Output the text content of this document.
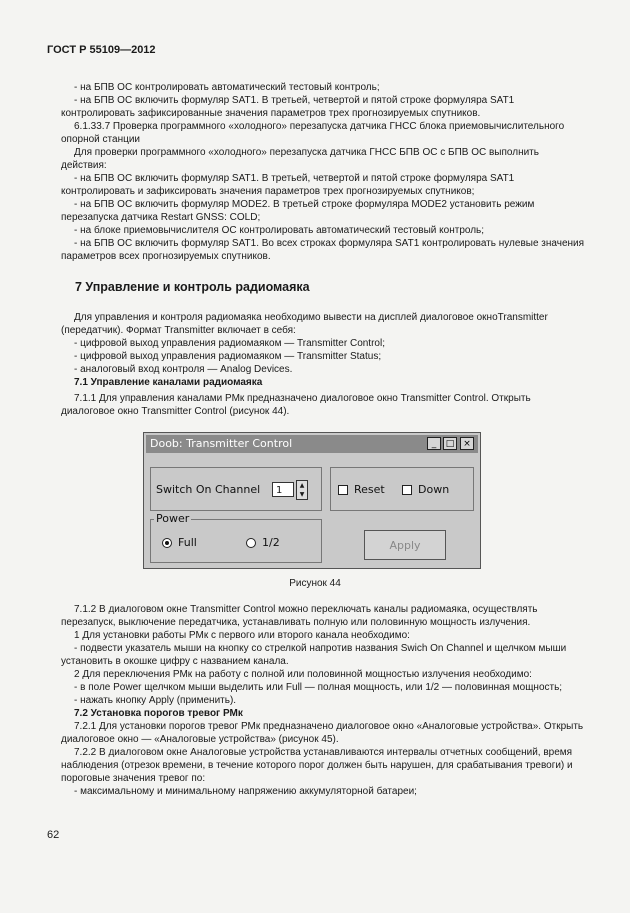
ГОСТ Р 55109—2012

- на БПВ ОС контролировать автоматический тестовый контроль;

- на БПВ ОС включить формуляр SAT1. В третьей, четвертой и пятой строке формуляра SAT1 контролировать зафиксированные значения параметров трех прогнозируемых спутников.

6.1.33.7 Проверка программного «холодного» перезапуска датчика ГНСС блока приемовычислительного опорной станции

Для проверки программного «холодного» перезапуска датчика ГНСС БПВ ОС с БПВ ОС выполнить действия:

- на БПВ ОС включить формуляр SAT1. В третьей, четвертой и пятой строке формуляра SAT1 контролировать и зафиксировать значения параметров трех прогнозируемых спутников;

- на БПВ ОС включить формуляр MODE2. В третьей строке формуляра MODE2 установить режим перезапуска датчика Restart GNSS: COLD;

- на блоке приемовычислителя ОС контролировать автоматический тестовый контроль;

- на БПВ ОС включить формуляр SAT1. Во всех строках формуляра SAT1 контролировать нулевые значения параметров всех прогнозируемых спутников.

7 Управление и контроль радиомаяка

Для управления и контроля радиомаяка необходимо вывести на дисплей диалоговое окноTransmitter (передатчик). Формат Transmitter включает в себя:

- цифровой выход управления радиомаяком — Transmitter Control;

- цифровой выход управления радиомаяком — Transmitter Status;

- аналоговый вход контроля — Analog Devices.

7.1 Управление каналами радиомаяка

7.1.1 Для управления каналами РМк предназначено диалоговое окно Transmitter Control. Открыть диалоговое окно Transmitter Control (рисунок 44).

Doob: Transmitter Control	_	□ ×
Switch On Channel	1	▲
▼	Reset	Down
Power
Full	1/2	Apply
Рисунок 44

7.1.2 В диалоговом окне Transmitter Control можно переключать каналы радиомаяка, осуществлять перезапуск, выключение передатчика, устанавливать полную или половинную мощность излучения.

1 Для установки работы РМк с первого или второго канала необходимо:

- подвести указатель мыши на кнопку со стрелкой напротив названия Swich On Channel и щелчком мыши установить в окошке цифру с названием канала.

2 Для переключения РМк на работу с полной или половинной мощностью излучения необходимо:

- в поле Power щелчком мыши выделить или Full — полная мощность, или 1/2 — половинная мощность;

- нажать кнопку Apply (применить).

7.2 Установка порогов тревог РМк

7.2.1 Для установки порогов тревог РМк предназначено диалоговое окно «Аналоговые устройства». Открыть диалоговое окно — «Аналоговые устройства» (рисунок 45).

7.2.2 В диалоговом окне Аналоговые устройства устанавливаются интервалы отчетных сообщений, время наблюдения (отрезок времени, в течение которого порог должен быть нарушен, для срабатывания тревоги) и пороговые значения тревог по:

- максимальному и минимальному напряжению аккумуляторной батареи;

62
